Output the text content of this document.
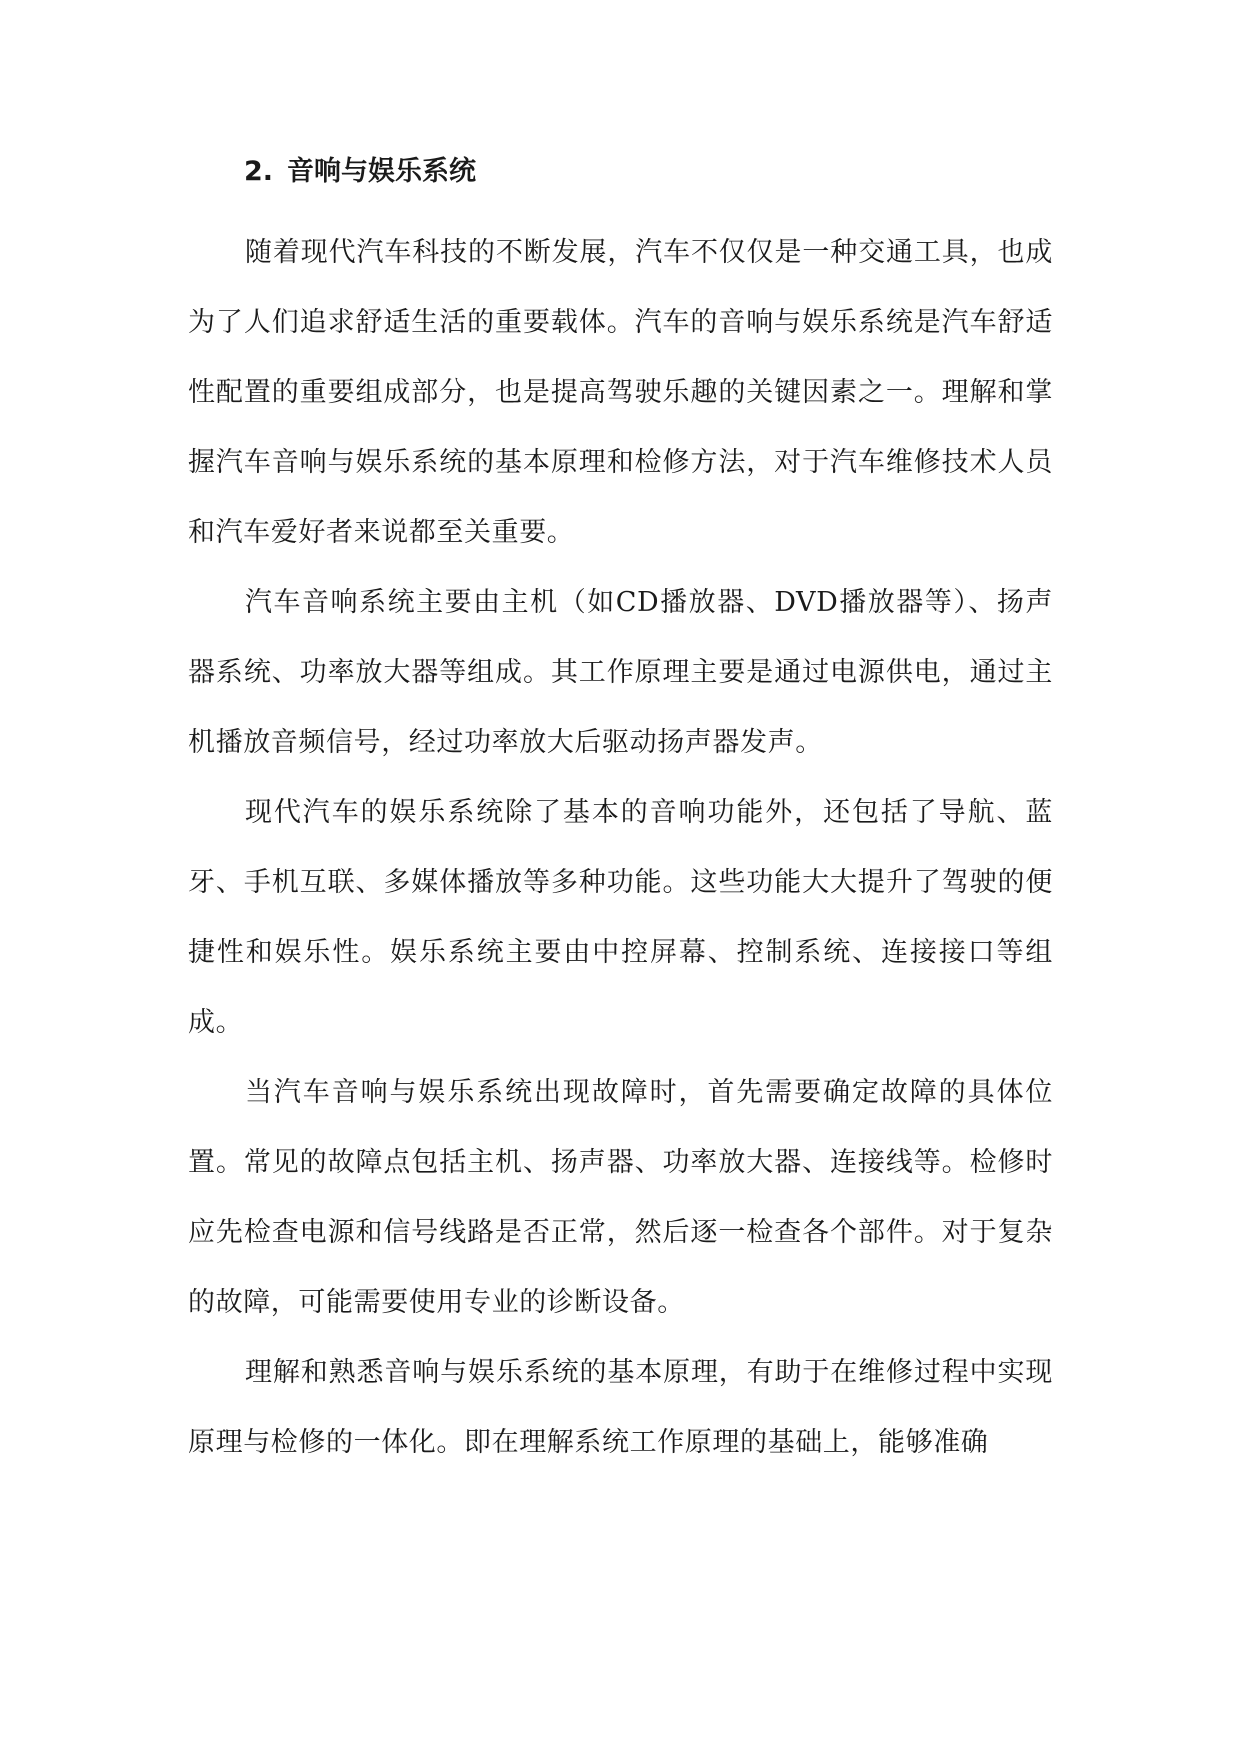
2. 音响与娱乐系统

随着现代汽车科技的不断发展，汽车不仅仅是一种交通工具，也成为了人们追求舒适生活的重要载体。汽车的音响与娱乐系统是汽车舒适性配置的重要组成部分，也是提高驾驶乐趣的关键因素之一。理解和掌握汽车音响与娱乐系统的基本原理和检修方法，对于汽车维修技术人员和汽车爱好者来说都至关重要。

汽车音响系统主要由主机（如CD播放器、DVD播放器等）、扬声器系统、功率放大器等组成。其工作原理主要是通过电源供电，通过主机播放音频信号，经过功率放大后驱动扬声器发声。

现代汽车的娱乐系统除了基本的音响功能外，还包括了导航、蓝牙、手机互联、多媒体播放等多种功能。这些功能大大提升了驾驶的便捷性和娱乐性。娱乐系统主要由中控屏幕、控制系统、连接接口等组成。

当汽车音响与娱乐系统出现故障时，首先需要确定故障的具体位置。常见的故障点包括主机、扬声器、功率放大器、连接线等。检修时应先检查电源和信号线路是否正常，然后逐一检查各个部件。对于复杂的故障，可能需要使用专业的诊断设备。

理解和熟悉音响与娱乐系统的基本原理，有助于在维修过程中实现原理与检修的一体化。即在理解系统工作原理的基础上，能够准确
